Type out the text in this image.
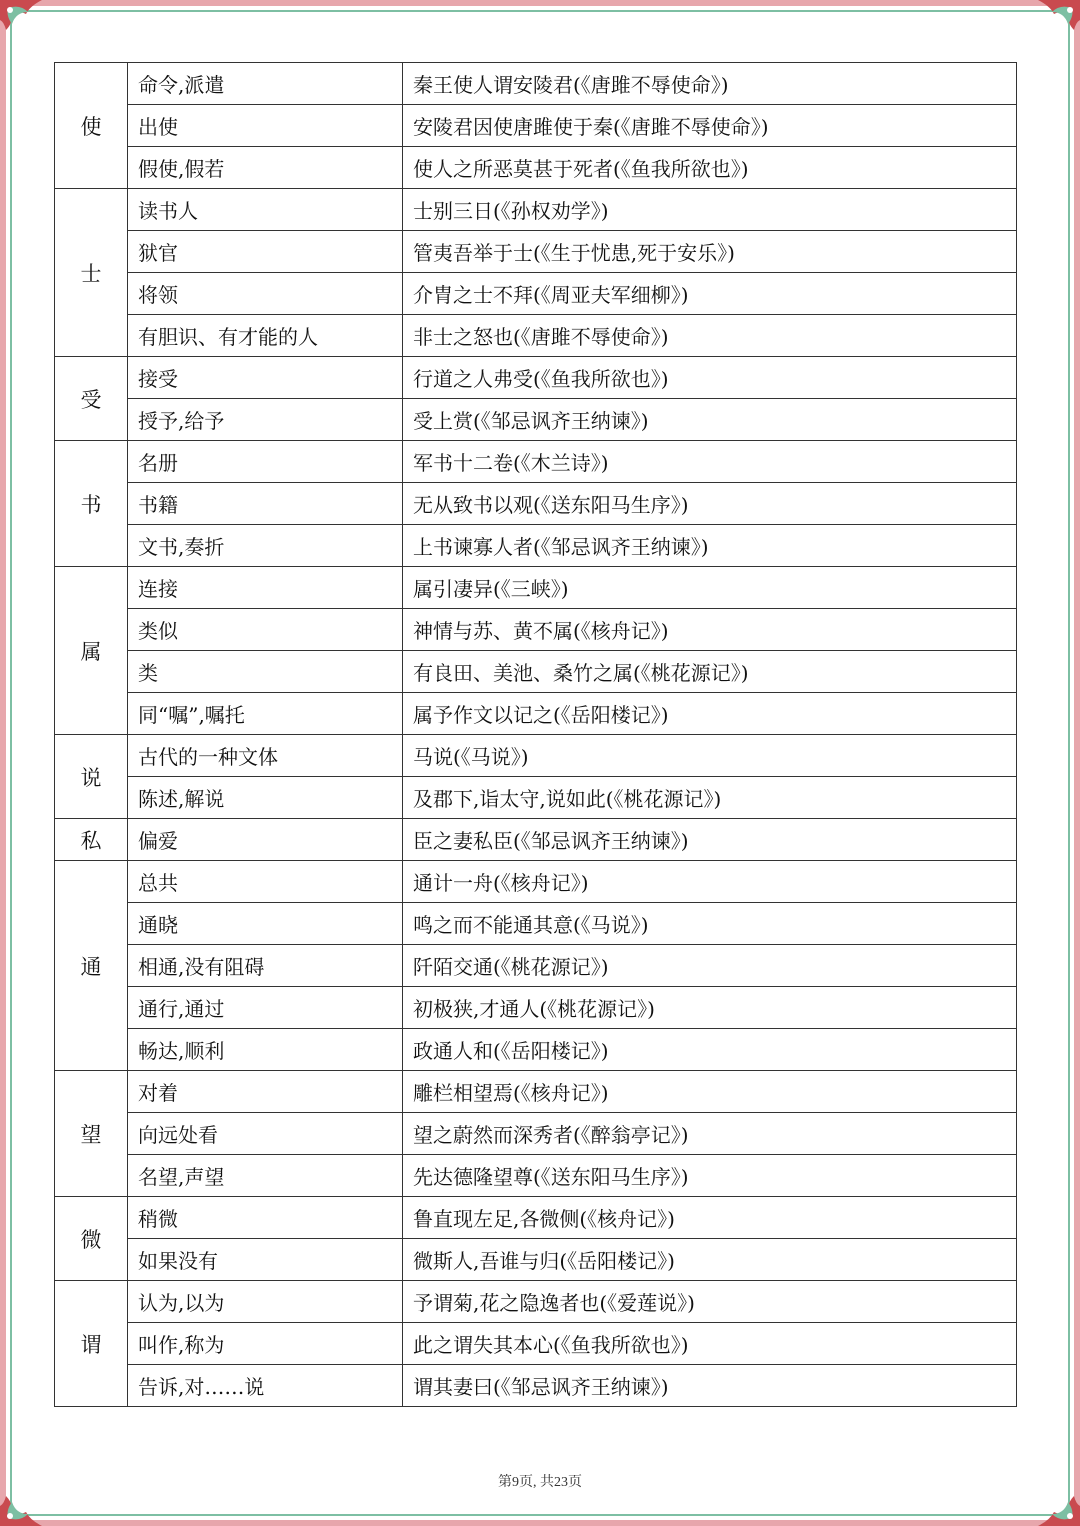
使	命令,派遣	秦王使人谓安陵君(《唐雎不辱使命》)
	出使	安陵君因使唐雎使于秦(《唐雎不辱使命》)
	假使,假若	使人之所恶莫甚于死者(《鱼我所欲也》)
士	读书人	士别三日(《孙权劝学》)
	狱官	管夷吾举于士(《生于忧患,死于安乐》)
	将领	介胄之士不拜(《周亚夫军细柳》)
	有胆识、有才能的人	非士之怒也(《唐雎不辱使命》)
受	接受	行道之人弗受(《鱼我所欲也》)
	授予,给予	受上赏(《邹忌讽齐王纳谏》)
书	名册	军书十二卷(《木兰诗》)
	书籍	无从致书以观(《送东阳马生序》)
	文书,奏折	上书谏寡人者(《邹忌讽齐王纳谏》)
属	连接	属引凄异(《三峡》)
	类似	神情与苏、黄不属(《核舟记》)
	类	有良田、美池、桑竹之属(《桃花源记》)
	同“嘱”,嘱托	属予作文以记之(《岳阳楼记》)
说	古代的一种文体	马说(《马说》)
	陈述,解说	及郡下,诣太守,说如此(《桃花源记》)
私	偏爱	臣之妻私臣(《邹忌讽齐王纳谏》)
通	总共	通计一舟(《核舟记》)
	通晓	鸣之而不能通其意(《马说》)
	相通,没有阻碍	阡陌交通(《桃花源记》)
	通行,通过	初极狭,才通人(《桃花源记》)
	畅达,顺利	政通人和(《岳阳楼记》)
望	对着	雕栏相望焉(《核舟记》)
	向远处看	望之蔚然而深秀者(《醉翁亭记》)
	名望,声望	先达德隆望尊(《送东阳马生序》)
微	稍微	鲁直现左足,各微侧(《核舟记》)
	如果没有	微斯人,吾谁与归(《岳阳楼记》)
谓	认为,以为	予谓菊,花之隐逸者也(《爱莲说》)
	叫作,称为	此之谓失其本心(《鱼我所欲也》)
	告诉,对……说	谓其妻曰(《邹忌讽齐王纳谏》)
第9页, 共23页
